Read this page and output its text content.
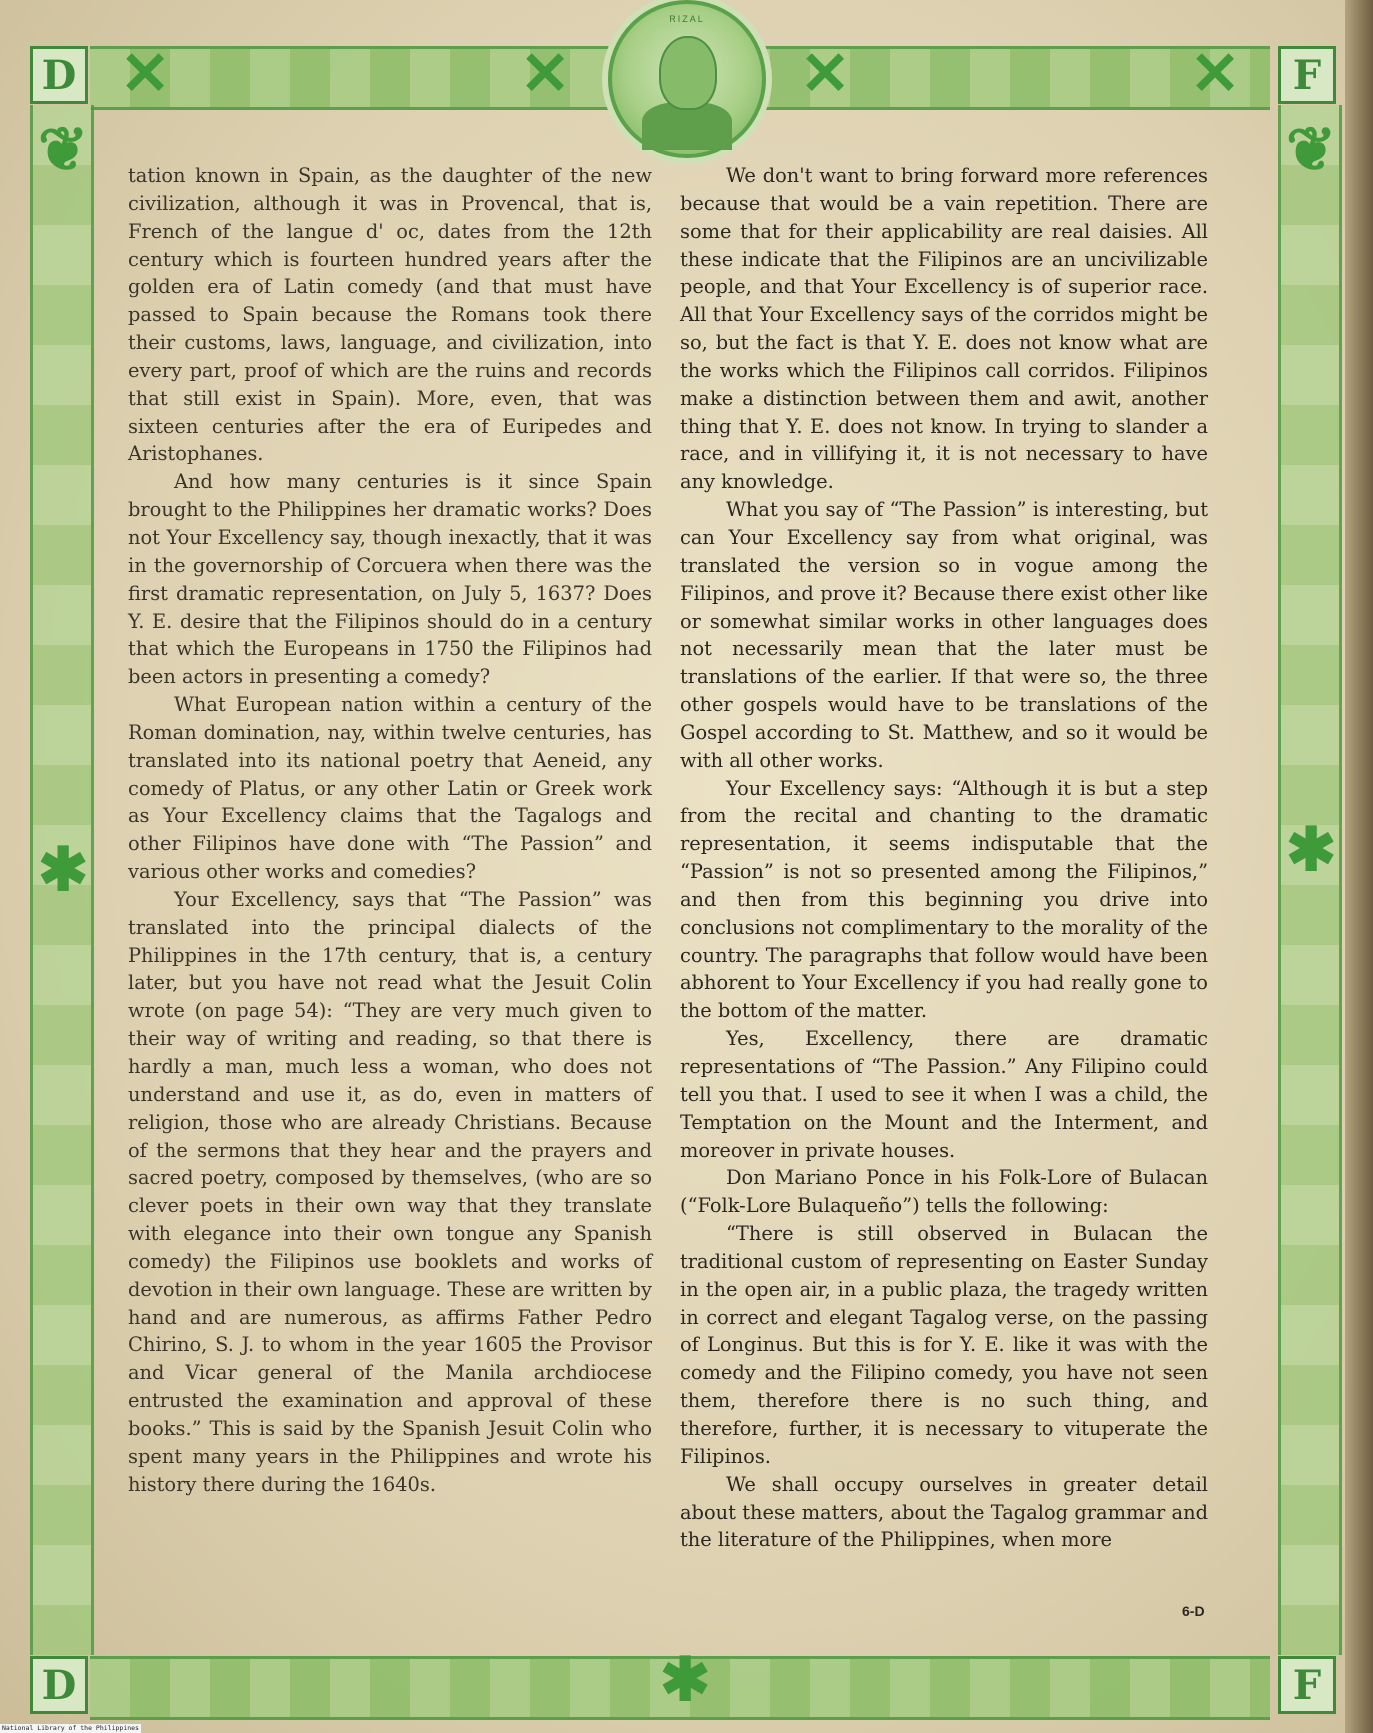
✕	✕	✕	✕
❦
✱	✱
❦
✱
D	F
D	F
RIZAL

tation known in Spain, as the daughter of the new civilization, although it was in Provencal, that is, French of the langue d' oc, dates from the 12th century which is fourteen hundred years after the golden era of Latin comedy (and that must have passed to Spain because the Romans took there their customs, laws, language, and civilization, into every part, proof of which are the ruins and records that still exist in Spain). More, even, that was sixteen centuries after the era of Euripedes and Aristophanes.

And how many centuries is it since Spain brought to the Philippines her dramatic works? Does not Your Excellency say, though inexactly, that it was in the governorship of Corcuera when there was the first dramatic representation, on July 5, 1637? Does Y. E. desire that the Filipinos should do in a century that which the Europeans in 1750 the Filipinos had been actors in presenting a comedy?

What European nation within a century of the Roman domination, nay, within twelve centuries, has translated into its national poetry that Aeneid, any comedy of Platus, or any other Latin or Greek work as Your Excellency claims that the Tagalogs and other Filipinos have done with “The Passion” and various other works and comedies?

Your Excellency, says that “The Passion” was translated into the principal dialects of the Philippines in the 17th century, that is, a century later, but you have not read what the Jesuit Colin wrote (on page 54): “They are very much given to their way of writing and reading, so that there is hardly a man, much less a woman, who does not understand and use it, as do, even in matters of religion, those who are already Christians. Because of the sermons that they hear and the prayers and sacred poetry, composed by themselves, (who are so clever poets in their own way that they translate with elegance into their own tongue any Spanish comedy) the Filipinos use booklets and works of devotion in their own language. These are written by hand and are numerous, as affirms Father Pedro Chirino, S. J. to whom in the year 1605 the Provisor and Vicar general of the Manila archdiocese entrusted the examination and approval of these books.” This is said by the Spanish Jesuit Colin who spent many years in the Philippines and wrote his history there during the 1640s.

We don't want to bring forward more references because that would be a vain repetition. There are some that for their applicability are real daisies. All these indicate that the Filipinos are an uncivilizable people, and that Your Excellency is of superior race. All that Your Excellency says of the corridos might be so, but the fact is that Y. E. does not know what are the works which the Filipinos call corridos. Filipinos make a distinction between them and awit, another thing that Y. E. does not know. In trying to slander a race, and in villifying it, it is not necessary to have any knowledge.

What you say of “The Passion” is interesting, but can Your Excellency say from what original, was translated the version so in vogue among the Filipinos, and prove it? Because there exist other like or somewhat similar works in other languages does not necessarily mean that the later must be translations of the earlier. If that were so, the three other gospels would have to be translations of the Gospel according to St. Matthew, and so it would be with all other works.

Your Excellency says: “Although it is but a step from the recital and chanting to the dramatic representation, it seems indisputable that the “Passion” is not so presented among the Filipinos,” and then from this beginning you drive into conclusions not complimentary to the morality of the country. The paragraphs that follow would have been abhorent to Your Excellency if you had really gone to the bottom of the matter.

Yes, Excellency, there are dramatic representations of “The Passion.” Any Filipino could tell you that. I used to see it when I was a child, the Temptation on the Mount and the Interment, and moreover in private houses.

Don Mariano Ponce in his Folk-Lore of Bulacan (“Folk-Lore Bulaqueño”) tells the following:

“There is still observed in Bulacan the traditional custom of representing on Easter Sunday in the open air, in a public plaza, the tragedy written in correct and elegant Tagalog verse, on the passing of Longinus. But this is for Y. E. like it was with the comedy and the Filipino comedy, you have not seen them, therefore there is no such thing, and therefore, further, it is necessary to vituperate the Filipinos.

We shall occupy ourselves in greater detail about these matters, about the Tagalog grammar and the literature of the Philippines, when more

6-D
National Library of the Philippines
